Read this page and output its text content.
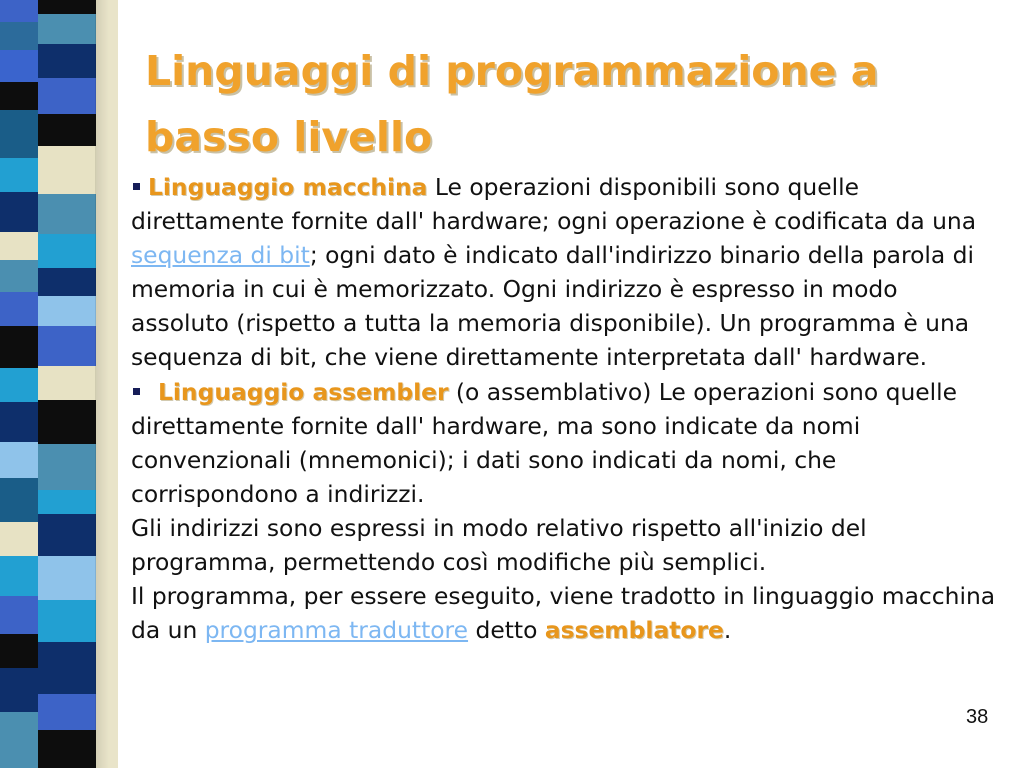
Linguaggi di programmazione a basso livello

Linguaggio macchina Le operazioni disponibili sono quelle direttamente fornite dall' hardware; ogni operazione è codificata da una sequenza di bit; ogni dato è indicato dall'indirizzo binario della parola di memoria in cui è memorizzato. Ogni indirizzo è espresso in modo assoluto (rispetto a tutta la memoria disponibile). Un programma è una sequenza di bit, che viene direttamente interpretata dall' hardware.

Linguaggio assembler (o assemblativo) Le operazioni sono quelle direttamente fornite dall' hardware, ma sono indicate da nomi convenzionali (mnemonici); i dati sono indicati da nomi, che corrispondono a indirizzi.

Gli indirizzi sono espressi in modo relativo rispetto all'inizio del programma, permettendo così modifiche più semplici.

Il programma, per essere eseguito, viene tradotto in linguaggio macchina da un programma traduttore detto assemblatore.

38
